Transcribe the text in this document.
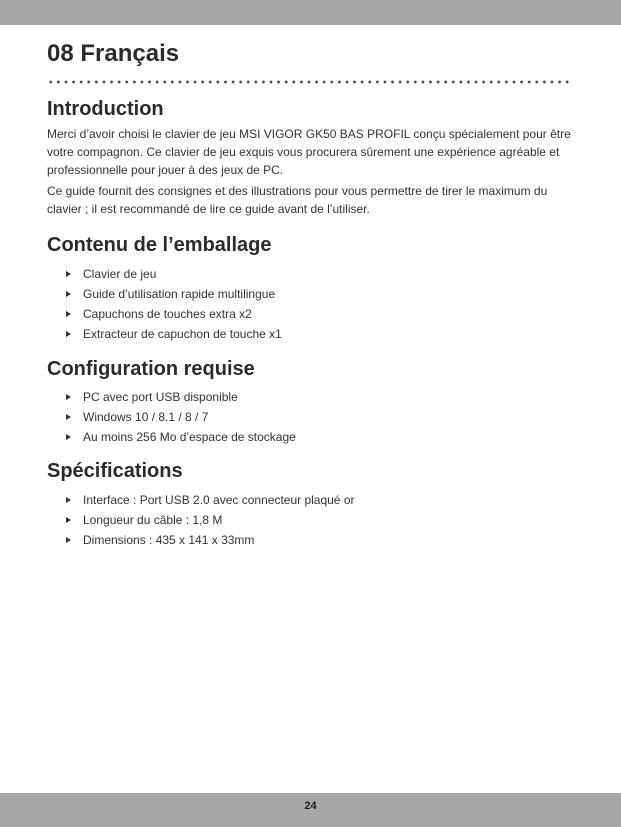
08 Français
Introduction

Merci d’avoir choisi le clavier de jeu MSI VIGOR GK50 BAS PROFIL conçu spécialement pour être votre compagnon. Ce clavier de jeu exquis vous procurera sûrement une expérience agréable et professionnelle pour jouer à des jeux de PC.

Ce guide fournit des consignes et des illustrations pour vous permettre de tirer le maximum du clavier ; il est recommandé de lire ce guide avant de l’utiliser.

Contenu de l’emballage
Clavier de jeu
Guide d’utilisation rapide multilingue
Capuchons de touches extra x2
Extracteur de capuchon de touche x1
Configuration requise
PC avec port USB disponible
Windows 10 / 8.1 / 8 / 7
Au moins 256 Mo d’espace de stockage
Spécifications
Interface : Port USB 2.0 avec connecteur plaqué or
Longueur du câble : 1,8 M
Dimensions : 435 x 141 x 33mm
24
